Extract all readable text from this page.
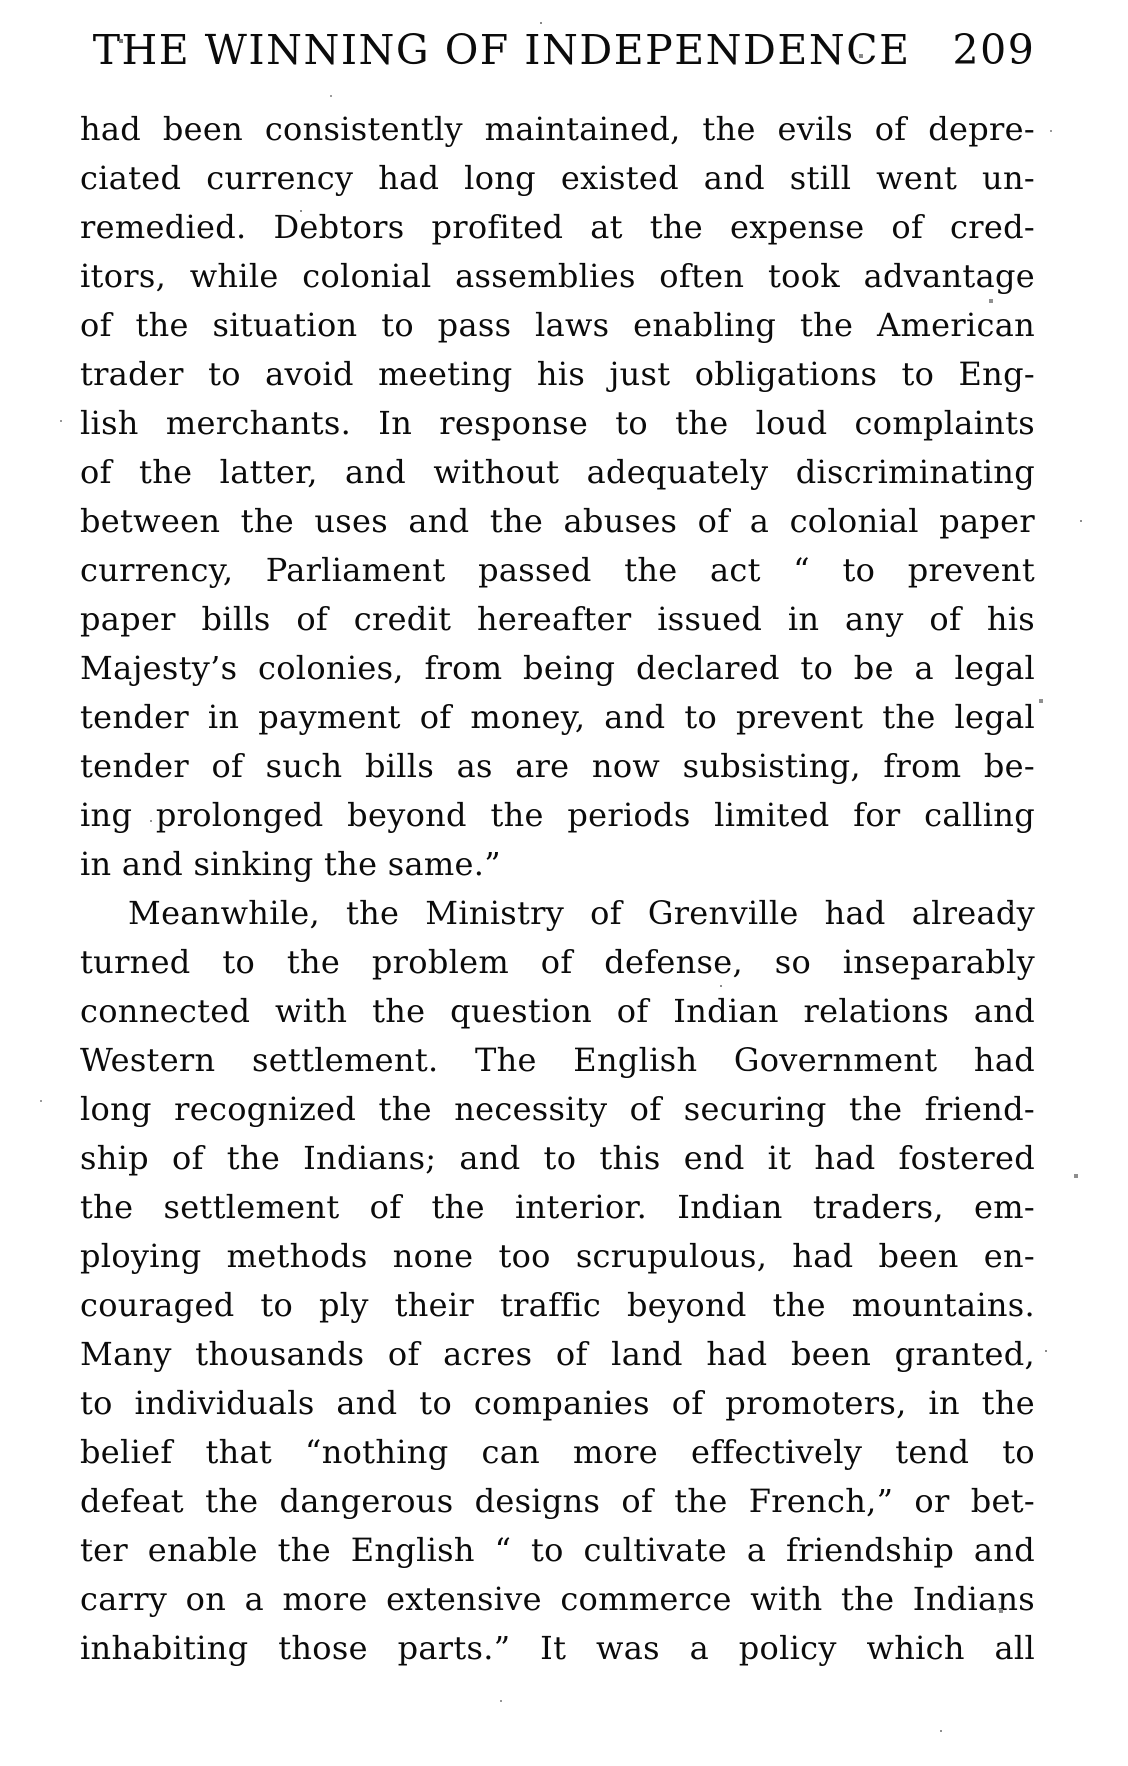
THE WINNING OF INDEPENDENCE 209
had been consistently maintained, the evils of depre-
ciated currency had long existed and still went un-
remedied. Debtors profited at the expense of cred-
itors, while colonial assemblies often took advantage
of the situation to pass laws enabling the American
trader to avoid meeting his just obligations to Eng-
lish merchants. In response to the loud complaints
of the latter, and without adequately discriminating
between the uses and the abuses of a colonial paper
currency, Parliament passed the act “ to prevent
paper bills of credit hereafter issued in any of his
Majesty’s colonies, from being declared to be a legal
tender in payment of money, and to prevent the legal
tender of such bills as are now subsisting, from be-
ing prolonged beyond the periods limited for calling
in and sinking the same.”
Meanwhile, the Ministry of Grenville had already
turned to the problem of defense, so inseparably
connected with the question of Indian relations and
Western settlement. The English Government had
long recognized the necessity of securing the friend-
ship of the Indians; and to this end it had fostered
the settlement of the interior. Indian traders, em-
ploying methods none too scrupulous, had been en-
couraged to ply their traffic beyond the mountains.
Many thousands of acres of land had been granted,
to individuals and to companies of promoters, in the
belief that “nothing can more effectively tend to
defeat the dangerous designs of the French,” or bet-
ter enable the English “ to cultivate a friendship and
carry on a more extensive commerce with the Indians
inhabiting those parts.” It was a policy which all
